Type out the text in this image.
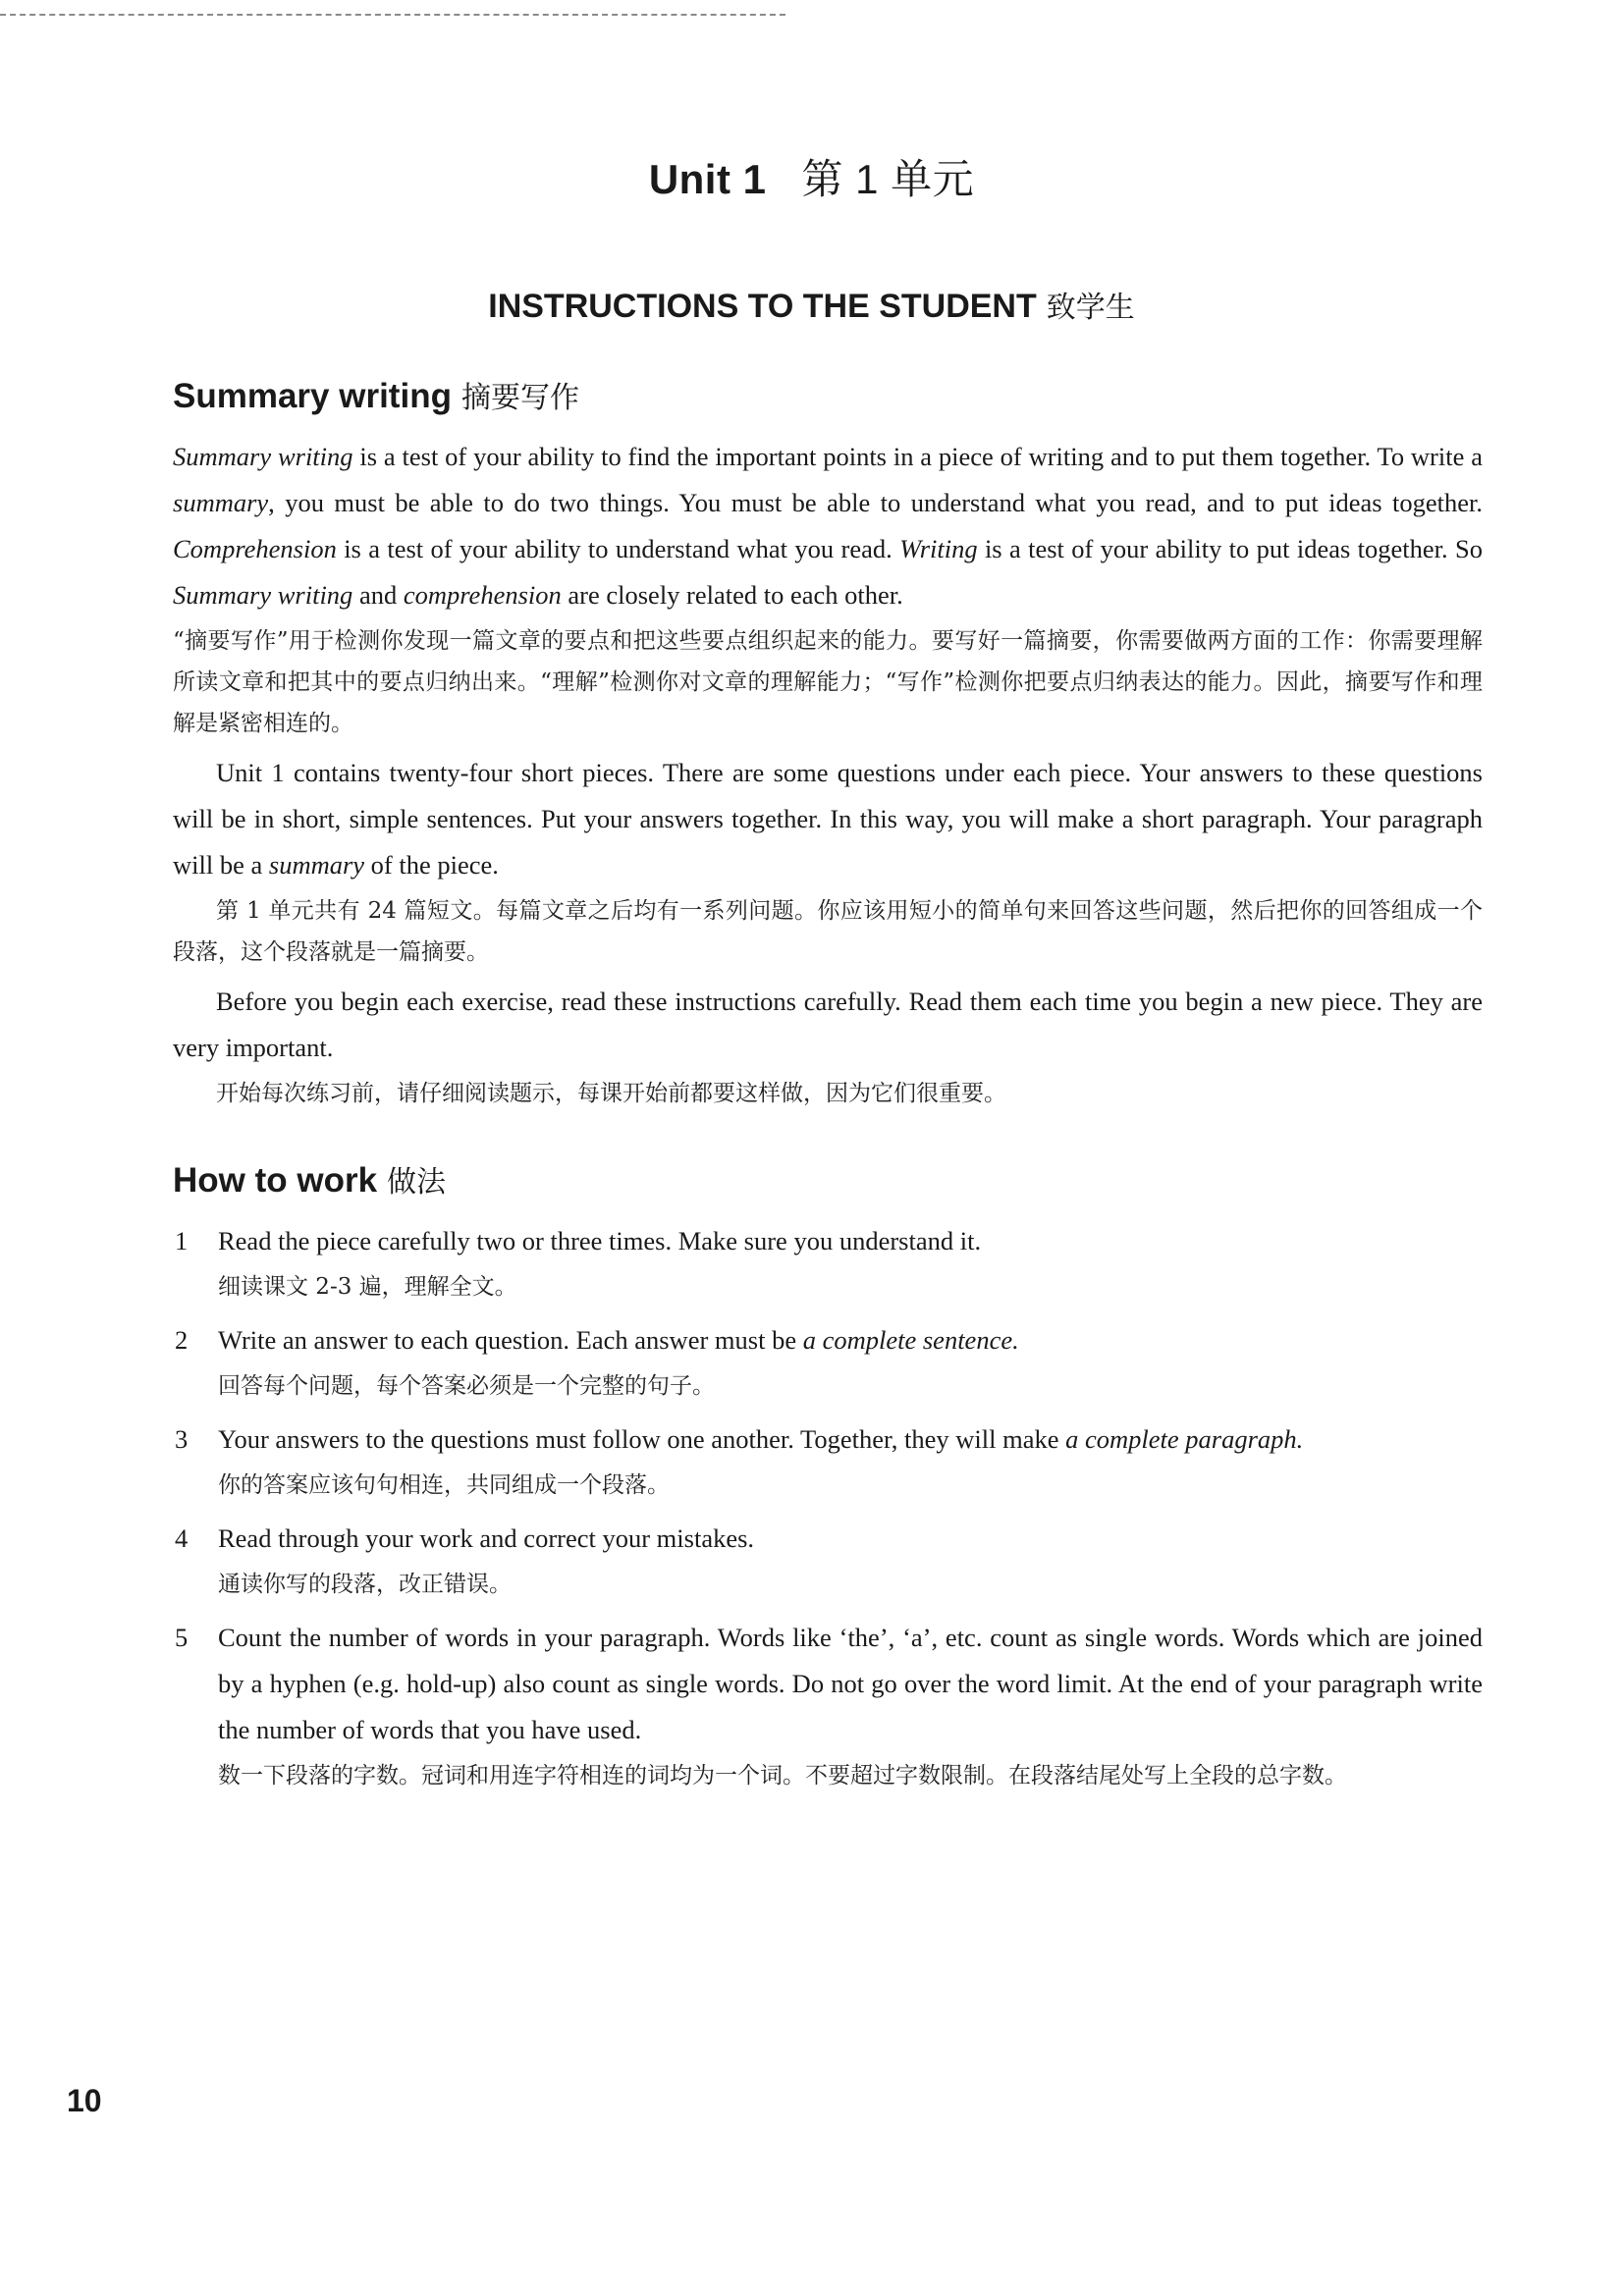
Unit 1 第 1 单元
INSTRUCTIONS TO THE STUDENT 致学生
Summary writing 摘要写作

Summary writing is a test of your ability to find the important points in a piece of writing and to put them together. To write a summary, you must be able to do two things. You must be able to understand what you read, and to put ideas together. Comprehension is a test of your ability to understand what you read. Writing is a test of your ability to put ideas together. So Summary writing and comprehension are closely related to each other.

“摘要写作”用于检测你发现一篇文章的要点和把这些要点组织起来的能力。要写好一篇摘要，你需要做两方面的工作：你需要理解所读文章和把其中的要点归纳出来。“理解”检测你对文章的理解能力；“写作”检测你把要点归纳表达的能力。因此，摘要写作和理解是紧密相连的。

Unit 1 contains twenty-four short pieces. There are some questions under each piece. Your answers to these questions will be in short, simple sentences. Put your answers together. In this way, you will make a short paragraph. Your paragraph will be a summary of the piece.

第 1 单元共有 24 篇短文。每篇文章之后均有一系列问题。你应该用短小的简单句来回答这些问题，然后把你的回答组成一个段落，这个段落就是一篇摘要。

Before you begin each exercise, read these instructions carefully. Read them each time you begin a new piece. They are very important.

开始每次练习前，请仔细阅读题示，每课开始前都要这样做，因为它们很重要。

How to work 做法
1 Read the piece carefully two or three times. Make sure you understand it.

细读课文 2-3 遍，理解全文。

2 Write an answer to each question. Each answer must be a complete sentence.

回答每个问题，每个答案必须是一个完整的句子。

3 Your answers to the questions must follow one another. Together, they will make a complete paragraph.

你的答案应该句句相连，共同组成一个段落。

4 Read through your work and correct your mistakes.

通读你写的段落，改正错误。

5 Count the number of words in your paragraph. Words like ‘the’, ‘a’, etc. count as single words. Words which are joined by a hyphen (e.g. hold-up) also count as single words. Do not go over the word limit. At the end of your paragraph write the number of words that you have used.

数一下段落的字数。冠词和用连字符相连的词均为一个词。不要超过字数限制。在段落结尾处写上全段的总字数。

10
